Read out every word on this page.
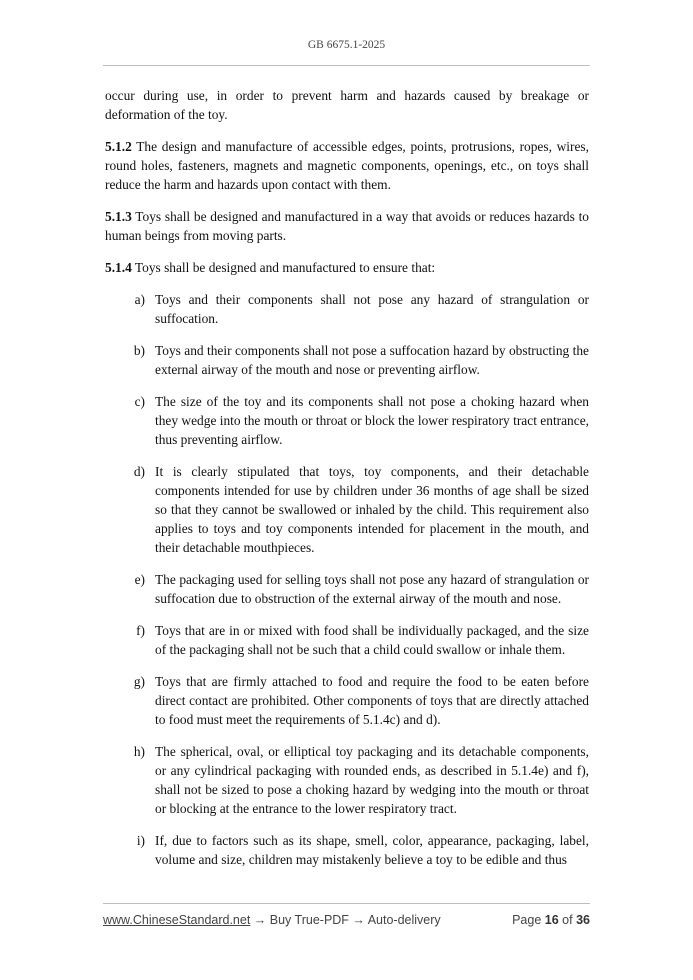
GB 6675.1-2025

occur during use, in order to prevent harm and hazards caused by breakage or deformation of the toy.

5.1.2 The design and manufacture of accessible edges, points, protrusions, ropes, wires, round holes, fasteners, magnets and magnetic components, openings, etc., on toys shall reduce the harm and hazards upon contact with them.

5.1.3 Toys shall be designed and manufactured in a way that avoids or reduces hazards to human beings from moving parts.

5.1.4 Toys shall be designed and manufactured to ensure that:

a) Toys and their components shall not pose any hazard of strangulation or suffocation.
b) Toys and their components shall not pose a suffocation hazard by obstructing the external airway of the mouth and nose or preventing airflow.
c) The size of the toy and its components shall not pose a choking hazard when they wedge into the mouth or throat or block the lower respiratory tract entrance, thus preventing airflow.
d) It is clearly stipulated that toys, toy components, and their detachable components intended for use by children under 36 months of age shall be sized so that they cannot be swallowed or inhaled by the child. This requirement also applies to toys and toy components intended for placement in the mouth, and their detachable mouthpieces.
e) The packaging used for selling toys shall not pose any hazard of strangulation or suffocation due to obstruction of the external airway of the mouth and nose.
f) Toys that are in or mixed with food shall be individually packaged, and the size of the packaging shall not be such that a child could swallow or inhale them.
g) Toys that are firmly attached to food and require the food to be eaten before direct contact are prohibited. Other components of toys that are directly attached to food must meet the requirements of 5.1.4c) and d).
h) The spherical, oval, or elliptical toy packaging and its detachable components, or any cylindrical packaging with rounded ends, as described in 5.1.4e) and f), shall not be sized to pose a choking hazard by wedging into the mouth or throat or blocking at the entrance to the lower respiratory tract.
i) If, due to factors such as its shape, smell, color, appearance, packaging, label, volume and size, children may mistakenly believe a toy to be edible and thus
www.ChineseStandard.net → Buy True-PDF → Auto-delivery	Page 16 of 36
